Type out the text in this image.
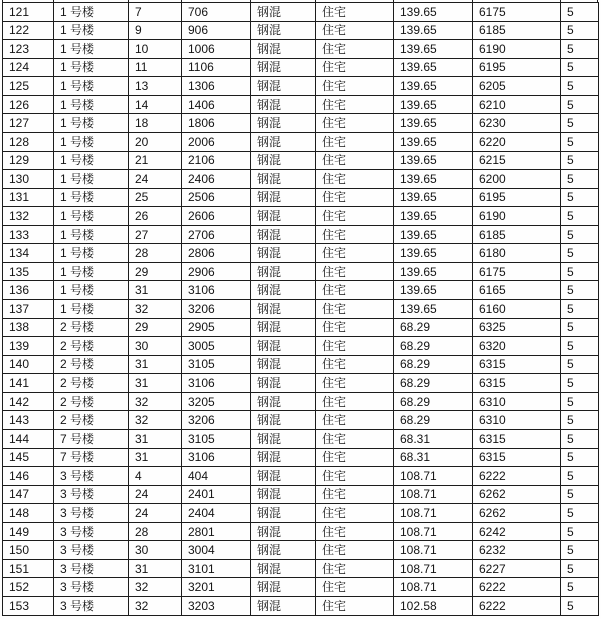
121	1 号楼	7	706	钢混	住宅	139.65	6175	5
122	1 号楼	9	906	钢混	住宅	139.65	6185	5
123	1 号楼	10	1006	钢混	住宅	139.65	6190	5
124	1 号楼	11	1106	钢混	住宅	139.65	6195	5
125	1 号楼	13	1306	钢混	住宅	139.65	6205	5
126	1 号楼	14	1406	钢混	住宅	139.65	6210	5
127	1 号楼	18	1806	钢混	住宅	139.65	6230	5
128	1 号楼	20	2006	钢混	住宅	139.65	6220	5
129	1 号楼	21	2106	钢混	住宅	139.65	6215	5
130	1 号楼	24	2406	钢混	住宅	139.65	6200	5
131	1 号楼	25	2506	钢混	住宅	139.65	6195	5
132	1 号楼	26	2606	钢混	住宅	139.65	6190	5
133	1 号楼	27	2706	钢混	住宅	139.65	6185	5
134	1 号楼	28	2806	钢混	住宅	139.65	6180	5
135	1 号楼	29	2906	钢混	住宅	139.65	6175	5
136	1 号楼	31	3106	钢混	住宅	139.65	6165	5
137	1 号楼	32	3206	钢混	住宅	139.65	6160	5
138	2 号楼	29	2905	钢混	住宅	68.29	6325	5
139	2 号楼	30	3005	钢混	住宅	68.29	6320	5
140	2 号楼	31	3105	钢混	住宅	68.29	6315	5
141	2 号楼	31	3106	钢混	住宅	68.29	6315	5
142	2 号楼	32	3205	钢混	住宅	68.29	6310	5
143	2 号楼	32	3206	钢混	住宅	68.29	6310	5
144	7 号楼	31	3105	钢混	住宅	68.31	6315	5
145	7 号楼	31	3106	钢混	住宅	68.31	6315	5
146	3 号楼	4	404	钢混	住宅	108.71	6222	5
147	3 号楼	24	2401	钢混	住宅	108.71	6262	5
148	3 号楼	24	2404	钢混	住宅	108.71	6262	5
149	3 号楼	28	2801	钢混	住宅	108.71	6242	5
150	3 号楼	30	3004	钢混	住宅	108.71	6232	5
151	3 号楼	31	3101	钢混	住宅	108.71	6227	5
152	3 号楼	32	3201	钢混	住宅	108.71	6222	5
153	3 号楼	32	3203	钢混	住宅	102.58	6222	5
